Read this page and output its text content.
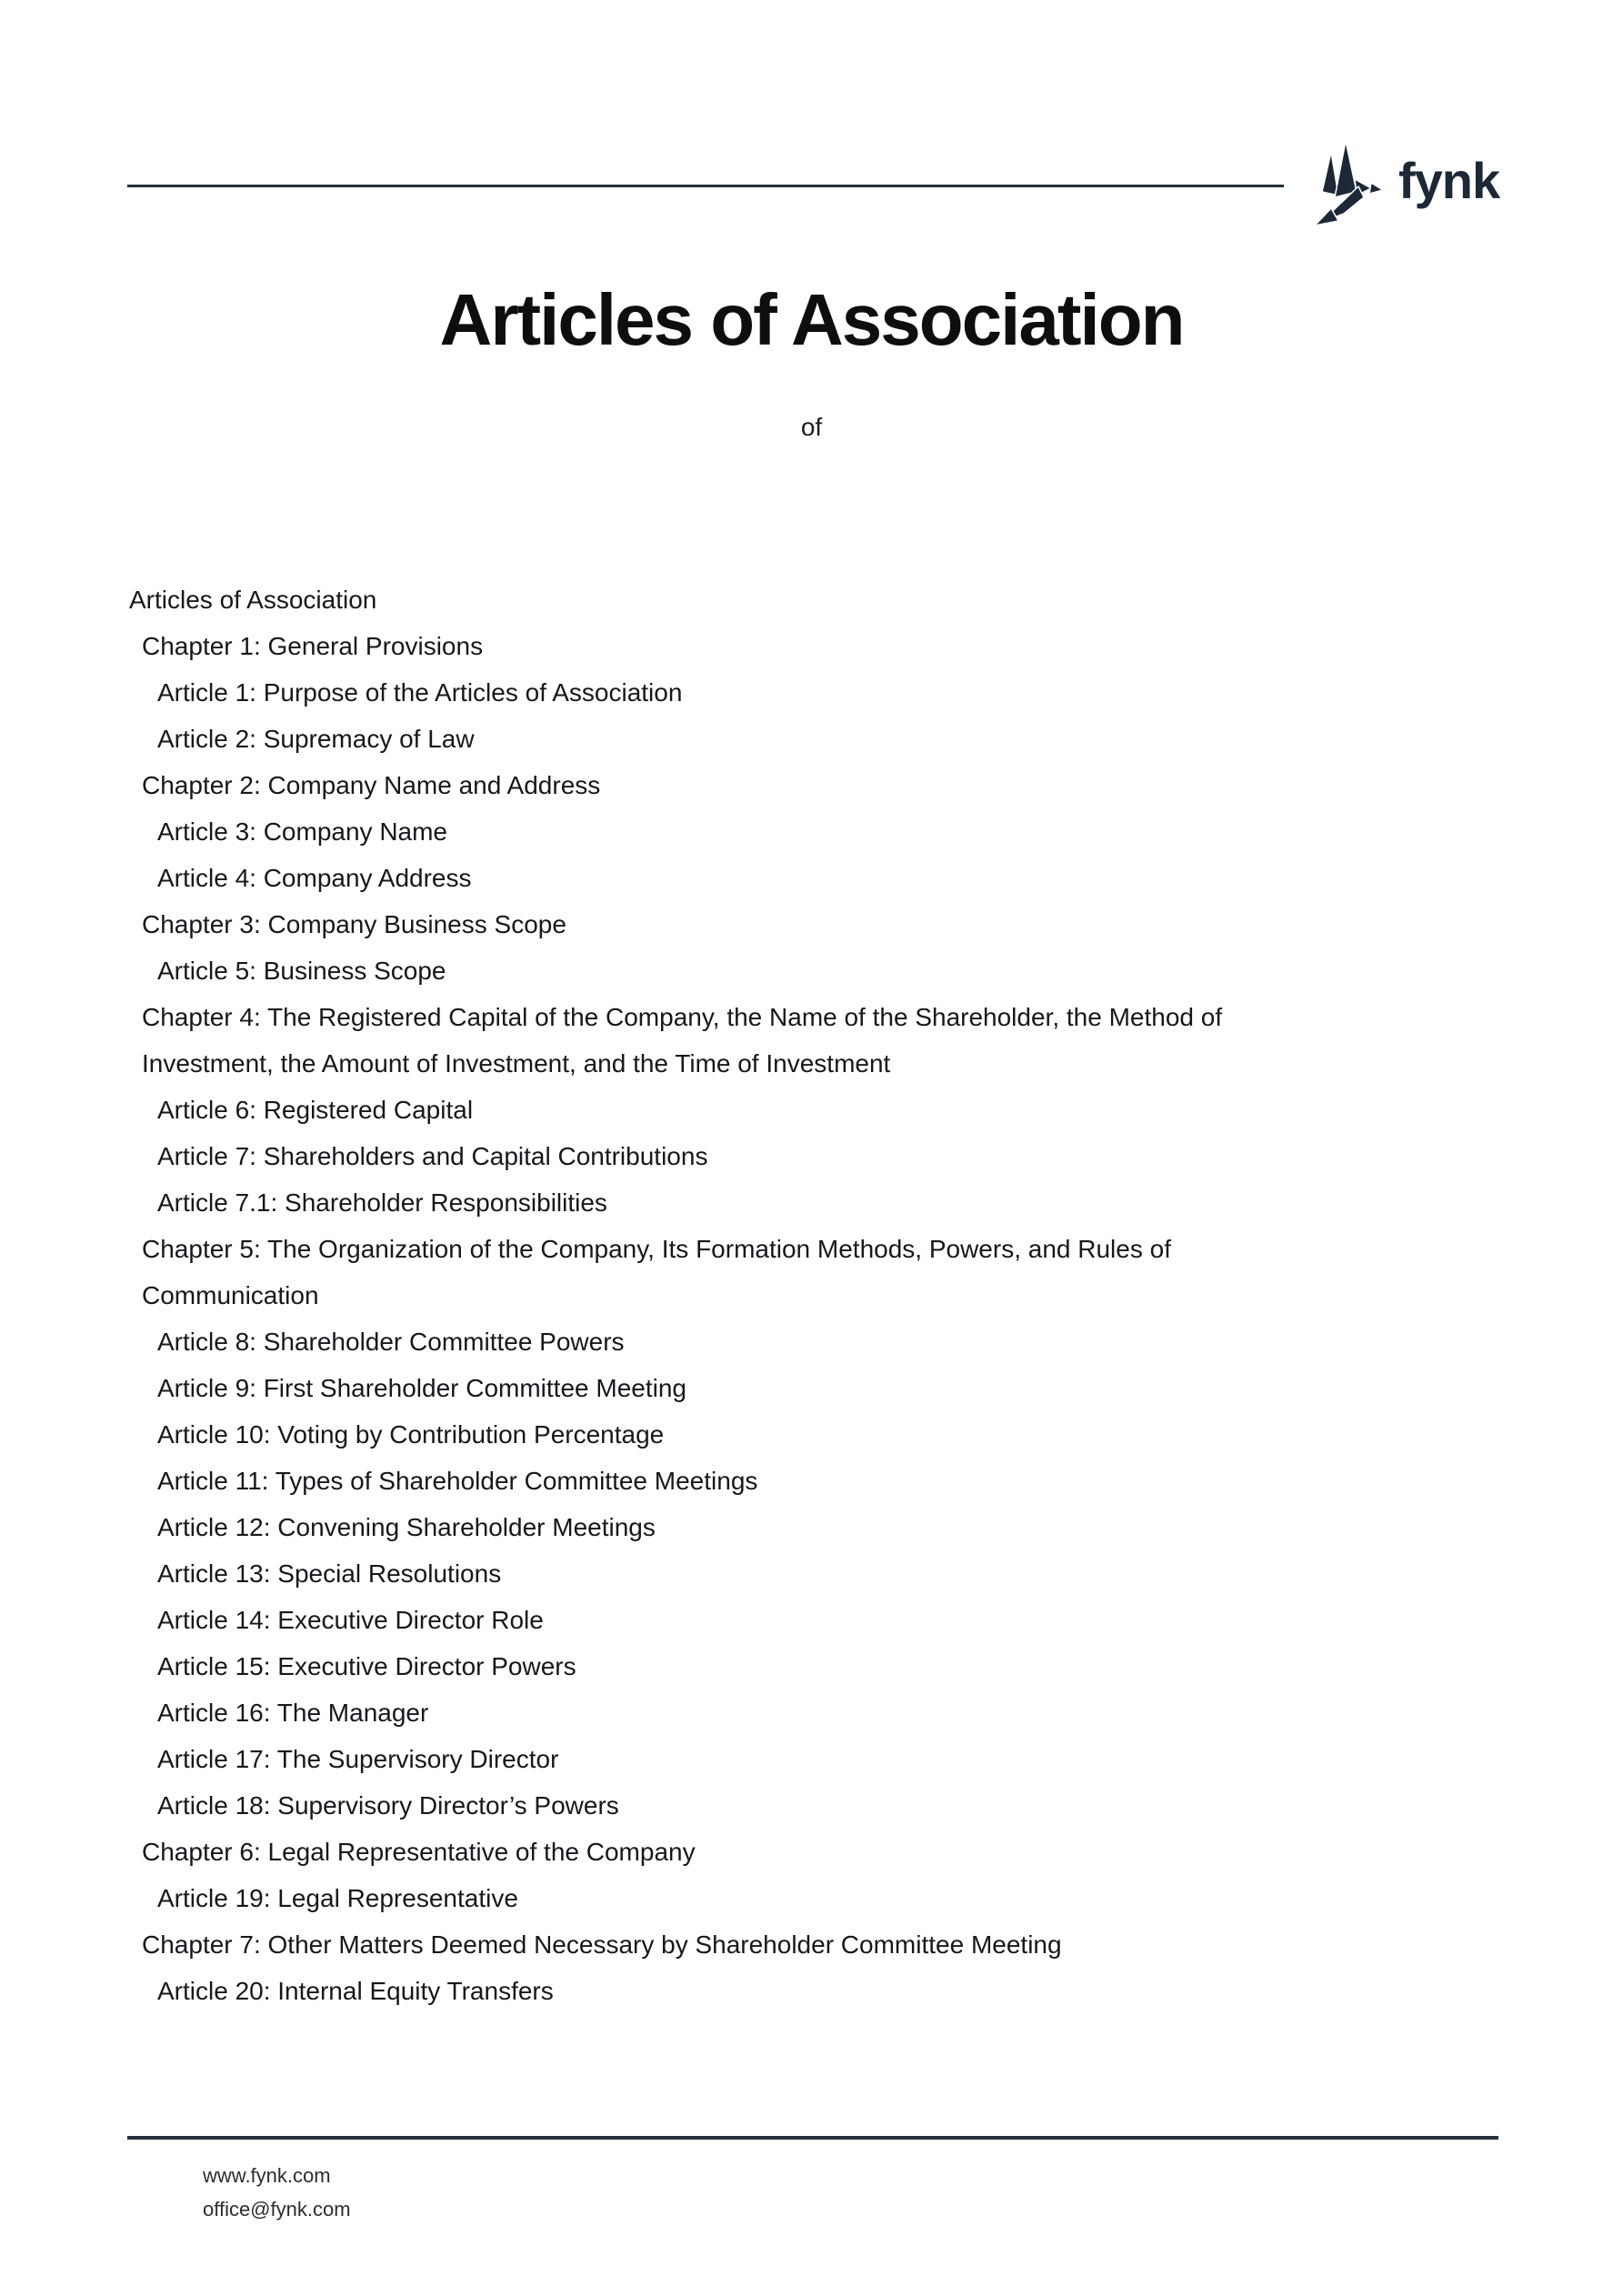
fynk
Articles of Association
of
Articles of Association
Chapter 1: General Provisions
Article 1: Purpose of the Articles of Association
Article 2: Supremacy of Law
Chapter 2: Company Name and Address
Article 3: Company Name
Article 4: Company Address
Chapter 3: Company Business Scope
Article 5: Business Scope
Chapter 4: The Registered Capital of the Company, the Name of the Shareholder, the Method of Investment, the Amount of Investment, and the Time of Investment
Article 6: Registered Capital
Article 7: Shareholders and Capital Contributions
Article 7.1: Shareholder Responsibilities
Chapter 5: The Organization of the Company, Its Formation Methods, Powers, and Rules of Communication
Article 8: Shareholder Committee Powers
Article 9: First Shareholder Committee Meeting
Article 10: Voting by Contribution Percentage
Article 11: Types of Shareholder Committee Meetings
Article 12: Convening Shareholder Meetings
Article 13: Special Resolutions
Article 14: Executive Director Role
Article 15: Executive Director Powers
Article 16: The Manager
Article 17: The Supervisory Director
Article 18: Supervisory Director’s Powers
Chapter 6: Legal Representative of the Company
Article 19: Legal Representative
Chapter 7: Other Matters Deemed Necessary by Shareholder Committee Meeting
Article 20: Internal Equity Transfers
www.fynk.com
office@fynk.com
